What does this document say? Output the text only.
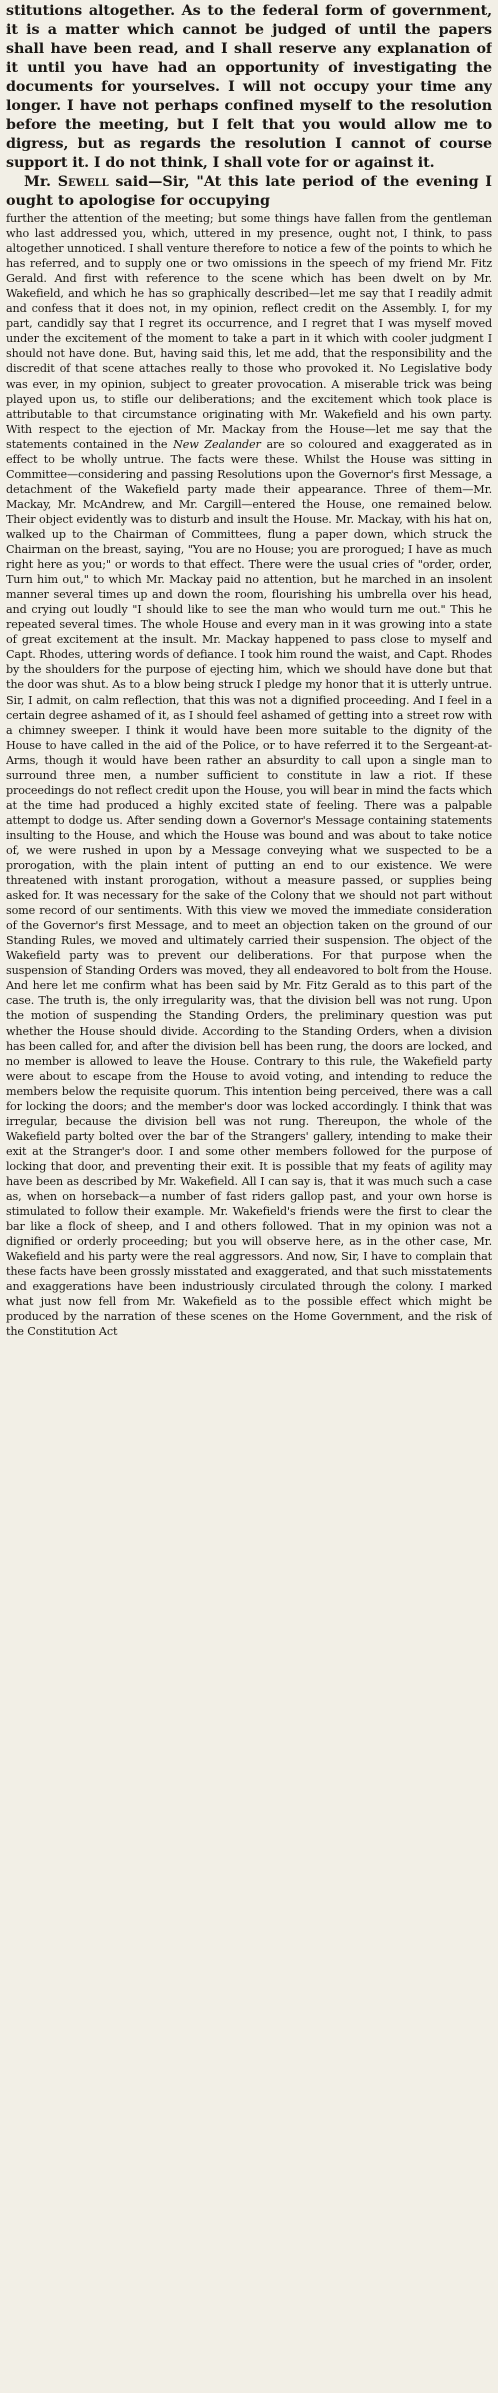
stitutions altogether. As to the federal form of government, it is a matter which cannot be judged of until the papers shall have been read, and I shall reserve any explanation of it until you have had an opportunity of investigating the documents for yourselves. I will not occupy your time any longer. I have not perhaps confined myself to the resolution before the meeting, but I felt that you would allow me to digress, but as regards the resolution I cannot of course support it. I do not think, I shall vote for or against it.

Mr. Sewell said—Sir, "At this late period of the evening I ought to apologise for occupying

further the attention of the meeting; but some things have fallen from the gentleman who last addressed you, which, uttered in my presence, ought not, I think, to pass altogether unnoticed. I shall venture therefore to notice a few of the points to which he has referred, and to supply one or two omissions in the speech of my friend Mr. Fitz Gerald. And first with reference to the scene which has been dwelt on by Mr. Wakefield, and which he has so graphically described—let me say that I readily admit and confess that it does not, in my opinion, reflect credit on the Assembly. I, for my part, candidly say that I regret its occurrence, and I regret that I was myself moved under the excitement of the moment to take a part in it which with cooler judgment I should not have done. But, having said this, let me add, that the responsibility and the discredit of that scene attaches really to those who provoked it. No Legislative body was ever, in my opinion, subject to greater provocation. A miserable trick was being played upon us, to stifle our deliberations; and the excitement which took place is attributable to that circumstance originating with Mr. Wakefield and his own party. With respect to the ejection of Mr. Mackay from the House—let me say that the statements contained in the New Zealander are so coloured and exaggerated as in effect to be wholly untrue. The facts were these. Whilst the House was sitting in Committee—considering and passing Resolutions upon the Governor's first Message, a detachment of the Wakefield party made their appearance. Three of them—Mr. Mackay, Mr. McAndrew, and Mr. Cargill—entered the House, one remained below. Their object evidently was to disturb and insult the House. Mr. Mackay, with his hat on, walked up to the Chairman of Committees, flung a paper down, which struck the Chairman on the breast, saying, "You are no House; you are prorogued; I have as much right here as you;" or words to that effect. There were the usual cries of "order, order, Turn him out," to which Mr. Mackay paid no attention, but he marched in an insolent manner several times up and down the room, flourishing his umbrella over his head, and crying out loudly "I should like to see the man who would turn me out." This he repeated several times. The whole House and every man in it was growing into a state of great excitement at the insult. Mr. Mackay happened to pass close to myself and Capt. Rhodes, uttering words of defiance. I took him round the waist, and Capt. Rhodes by the shoulders for the purpose of ejecting him, which we should have done but that the door was shut. As to a blow being struck I pledge my honor that it is utterly untrue. Sir, I admit, on calm reflection, that this was not a dignified proceeding. And I feel in a certain degree ashamed of it, as I should feel ashamed of getting into a street row with a chimney sweeper. I think it would have been more suitable to the dignity of the House to have called in the aid of the Police, or to have referred it to the Sergeant-at-Arms, though it would have been rather an absurdity to call upon a single man to surround three men, a number sufficient to constitute in law a riot. If these proceedings do not reflect credit upon the House, you will bear in mind the facts which at the time had produced a highly excited state of feeling. There was a palpable attempt to dodge us. After sending down a Governor's Message containing statements insulting to the House, and which the House was bound and was about to take notice of, we were rushed in upon by a Message conveying what we suspected to be a prorogation, with the plain intent of putting an end to our existence. We were threatened with instant prorogation, without a measure passed, or supplies being asked for. It was necessary for the sake of the Colony that we should not part without some record of our sentiments. With this view we moved the immediate consideration of the Governor's first Message, and to meet an objection taken on the ground of our Standing Rules, we moved and ultimately carried their suspension. The object of the Wakefield party was to prevent our deliberations. For that purpose when the suspension of Standing Orders was moved, they all endeavored to bolt from the House. And here let me confirm what has been said by Mr. Fitz Gerald as to this part of the case. The truth is, the only irregularity was, that the division bell was not rung. Upon the motion of suspending the Standing Orders, the preliminary question was put whether the House should divide. According to the Standing Orders, when a division has been called for, and after the division bell has been rung, the doors are locked, and no member is allowed to leave the House. Contrary to this rule, the Wakefield party were about to escape from the House to avoid voting, and intending to reduce the members below the requisite quorum. This intention being perceived, there was a call for locking the doors; and the member's door was locked accordingly. I think that was irregular, because the division bell was not rung. Thereupon, the whole of the Wakefield party bolted over the bar of the Strangers' gallery, intending to make their exit at the Stranger's door. I and some other members followed for the purpose of locking that door, and preventing their exit. It is possible that my feats of agility may have been as described by Mr. Wakefield. All I can say is, that it was much such a case as, when on horseback—a number of fast riders gallop past, and your own horse is stimulated to follow their example. Mr. Wakefield's friends were the first to clear the bar like a flock of sheep, and I and others followed. That in my opinion was not a dignified or orderly proceeding; but you will observe here, as in the other case, Mr. Wakefield and his party were the real aggressors. And now, Sir, I have to complain that these facts have been grossly misstated and exaggerated, and that such misstatements and exaggerations have been industriously circulated through the colony. I marked what just now fell from Mr. Wakefield as to the possible effect which might be produced by the narration of these scenes on the Home Government, and the risk of the Constitution Act
